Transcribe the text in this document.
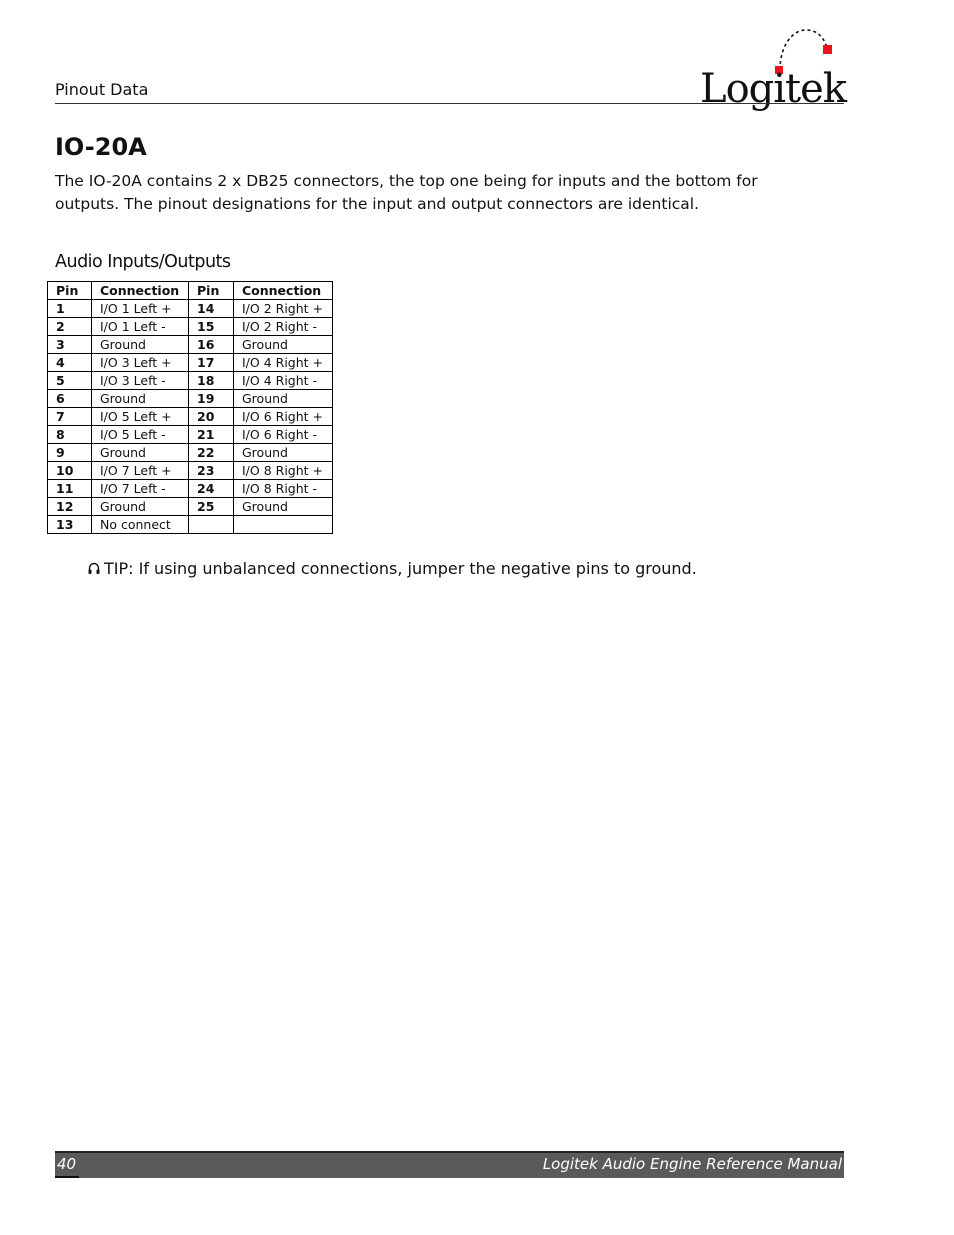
Pinout Data	Logitek
IO-20A

The IO-20A contains 2 x DB25 connectors, the top one being for inputs and the bottom for outputs. The pinout designations for the input and output connectors are identical.

Audio Inputs/Outputs
Pin	Connection	Pin	Connection
1	I/O 1 Left +	14	I/O 2 Right +
2	I/O 1 Left -	15	I/O 2 Right -
3	Ground	16	Ground
4	I/O 3 Left +	17	I/O 4 Right +
5	I/O 3 Left -	18	I/O 4 Right -
6	Ground	19	Ground
7	I/O 5 Left +	20	I/O 6 Right +
8	I/O 5 Left -	21	I/O 6 Right -
9	Ground	22	Ground
10	I/O 7 Left +	23	I/O 8 Right +
11	I/O 7 Left -	24	I/O 8 Right -
12	Ground	25	Ground
13	No connect		
TIP: If using unbalanced connections, jumper the negative pins to ground.
40	Logitek Audio Engine Reference Manual
